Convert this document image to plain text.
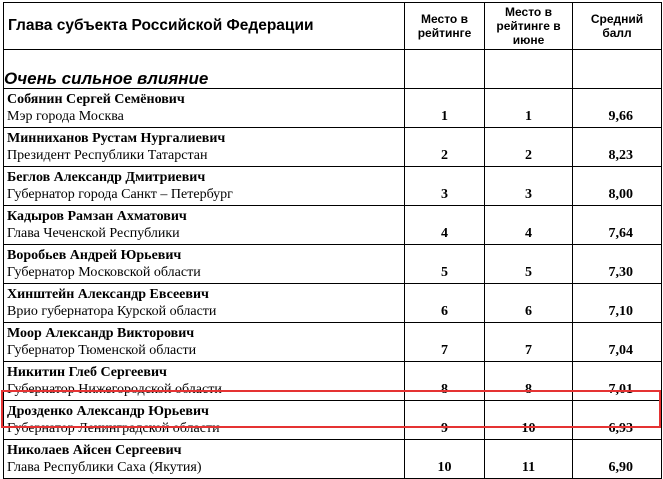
Глава субъекта Российской Федерации	Место в рейтинге	Место в рейтинге в июне	Средний балл
Очень сильное влияние			

Собянин Сергей Семёнович
Мэр города Москва	1	1	9,66

Минниханов Рустам Нургалиевич
Президент Республики Татарстан	2	2	8,23

Беглов Александр Дмитриевич
Губернатор города Санкт – Петербург	3	3	8,00

Кадыров Рамзан Ахматович
Глава Чеченской Республики	4	4	7,64

Воробьев Андрей Юрьевич
Губернатор Московской области	5	5	7,30

Хинштейн Александр Евсеевич
Врио губернатора Курской области	6	6	7,10

Моор Александр Викторович
Губернатор Тюменской области	7	7	7,04

Никитин Глеб Сергеевич
Губернатор Нижегородской области	8	8	7,01

Дрозденко Александр Юрьевич
Губернатор Ленинградской области	9	10	6,93

Николаев Айсен Сергеевич
Глава Республики Саха (Якутия)	10	11	6,90
